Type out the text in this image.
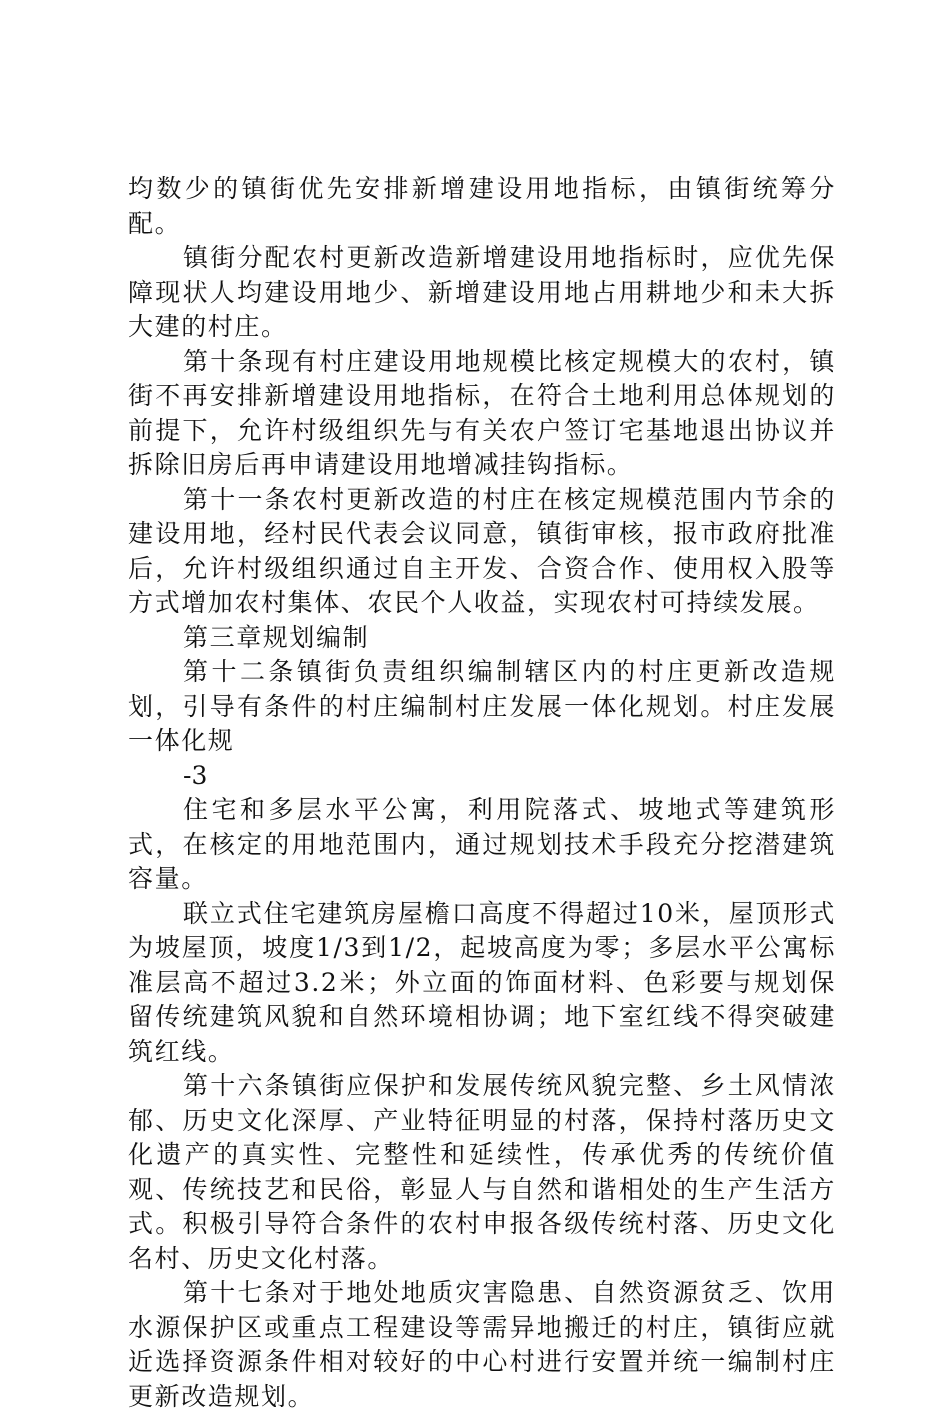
均数少的镇街优先安排新增建设用地指标，由镇街统筹分配。

镇街分配农村更新改造新增建设用地指标时，应优先保障现状人均建设用地少、新增建设用地占用耕地少和未大拆大建的村庄。

第十条现有村庄建设用地规模比核定规模大的农村，镇街不再安排新增建设用地指标，在符合土地利用总体规划的前提下，允许村级组织先与有关农户签订宅基地退出协议并拆除旧房后再申请建设用地增减挂钩指标。

第十一条农村更新改造的村庄在核定规模范围内节余的建设用地，经村民代表会议同意，镇街审核，报市政府批准后，允许村级组织通过自主开发、合资合作、使用权入股等方式增加农村集体、农民个人收益，实现农村可持续发展。

第三章规划编制

第十二条镇街负责组织编制辖区内的村庄更新改造规划，引导有条件的村庄编制村庄发展一体化规划。村庄发展一体化规

-3

住宅和多层水平公寓，利用院落式、坡地式等建筑形式，在核定的用地范围内，通过规划技术手段充分挖潜建筑容量。

联立式住宅建筑房屋檐口高度不得超过10米，屋顶形式为坡屋顶，坡度1/3到1/2，起坡高度为零；多层水平公寓标准层高不超过3.2米；外立面的饰面材料、色彩要与规划保留传统建筑风貌和自然环境相协调；地下室红线不得突破建筑红线。

第十六条镇街应保护和发展传统风貌完整、乡土风情浓郁、历史文化深厚、产业特征明显的村落，保持村落历史文化遗产的真实性、完整性和延续性，传承优秀的传统价值观、传统技艺和民俗，彰显人与自然和谐相处的生产生活方式。积极引导符合条件的农村申报各级传统村落、历史文化名村、历史文化村落。

第十七条对于地处地质灾害隐患、自然资源贫乏、饮用水源保护区或重点工程建设等需异地搬迁的村庄，镇街应就近选择资源条件相对较好的中心村进行安置并统一编制村庄更新改造规划。
